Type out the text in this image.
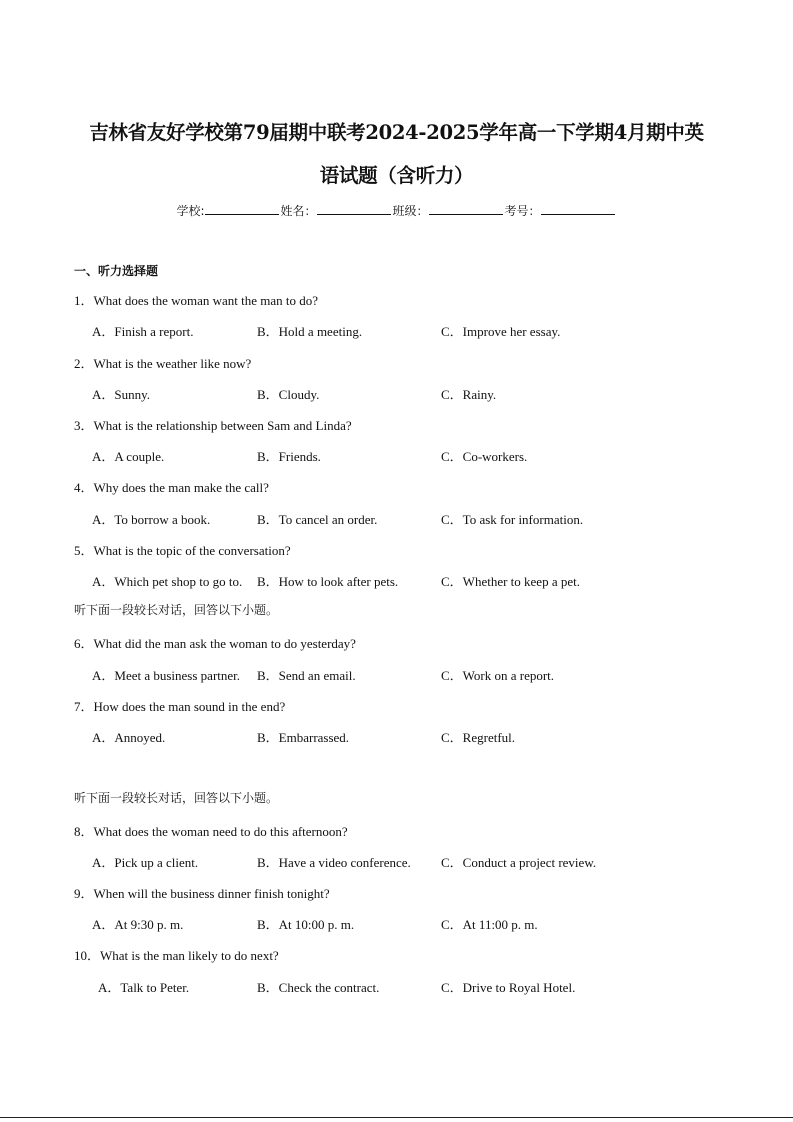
吉林省友好学校第79届期中联考2024-2025学年高一下学期4月期中英
语试题（含听力）
学校:	姓名：	班级：	考号：
一、听力选择题
1．What does the woman want the man to do?
A．Finish a report.	B．Hold a meeting.	C．Improve her essay.
2．What is the weather like now?
A．Sunny.	B．Cloudy.	C．Rainy.
3．What is the relationship between Sam and Linda?
A．A couple.	B．Friends.	C．Co-workers.
4．Why does the man make the call?
A．To borrow a book.	B．To cancel an order.	C．To ask for information.
5．What is the topic of the conversation?
A．Which pet shop to go to. B．How to look after pets.	C．Whether to keep a pet.
听下面一段较长对话，回答以下小题。
6．What did the man ask the woman to do yesterday?
A．Meet a business partner. B．Send an email.	C．Work on a report.
7．How does the man sound in the end?
A．Annoyed.	B．Embarrassed.	C．Regretful.
听下面一段较长对话，回答以下小题。
8．What does the woman need to do this afternoon?
A．Pick up a client.	B．Have a video conference. C．Conduct a project review.
9．When will the business dinner finish tonight?
A．At 9:30 p. m.	B．At 10:00 p. m.	C．At 11:00 p. m.
10．What is the man likely to do next?
A．Talk to Peter.	B．Check the contract.	C．Drive to Royal Hotel.
